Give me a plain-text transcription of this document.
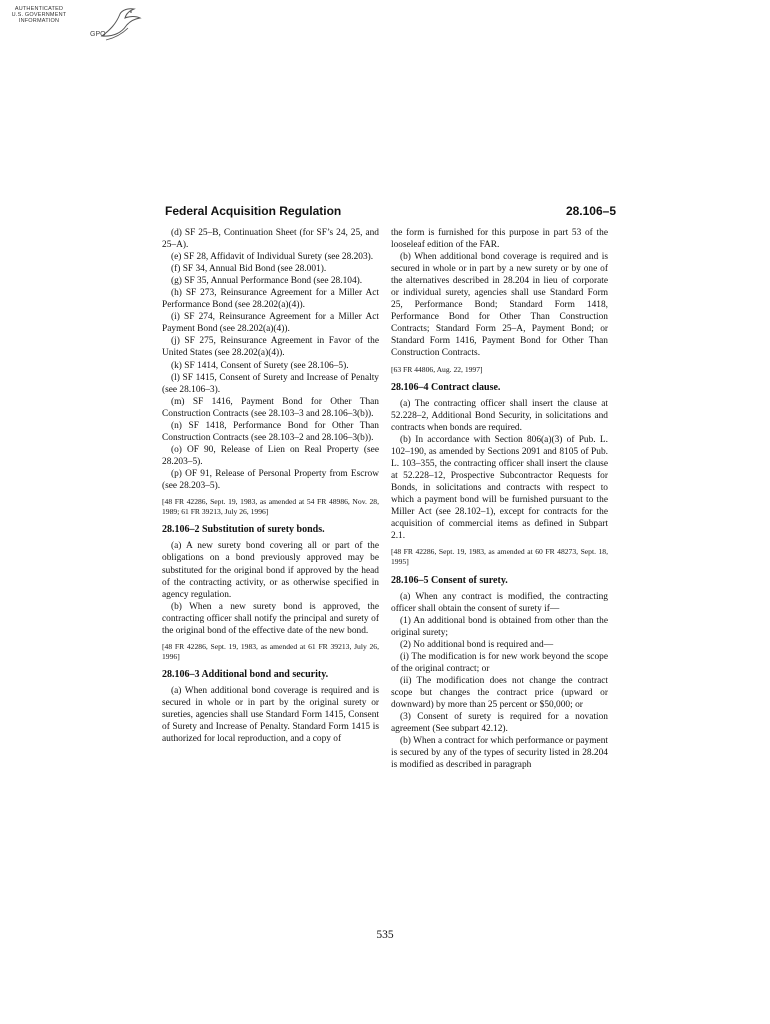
AUTHENTICATED
U.S. GOVERNMENT
INFORMATION
GPO
Federal Acquisition Regulation	28.106–5

(d) SF 25–B, Continuation Sheet (for SF’s 24, 25, and 25–A).

(e) SF 28, Affidavit of Individual Surety (see 28.203).

(f) SF 34, Annual Bid Bond (see 28.001).

(g) SF 35, Annual Performance Bond (see 28.104).

(h) SF 273, Reinsurance Agreement for a Miller Act Performance Bond (see 28.202(a)(4)).

(i) SF 274, Reinsurance Agreement for a Miller Act Payment Bond (see 28.202(a)(4)).

(j) SF 275, Reinsurance Agreement in Favor of the United States (see 28.202(a)(4)).

(k) SF 1414, Consent of Surety (see 28.106–5).

(l) SF 1415, Consent of Surety and Increase of Penalty (see 28.106–3).

(m) SF 1416, Payment Bond for Other Than Construction Contracts (see 28.103–3 and 28.106–3(b)).

(n) SF 1418, Performance Bond for Other Than Construction Contracts (see 28.103–2 and 28.106–3(b)).

(o) OF 90, Release of Lien on Real Property (see 28.203–5).

(p) OF 91, Release of Personal Property from Escrow (see 28.203–5).

[48 FR 42286, Sept. 19, 1983, as amended at 54 FR 48986, Nov. 28, 1989; 61 FR 39213, July 26, 1996]

28.106–2 Substitution of surety bonds.

(a) A new surety bond covering all or part of the obligations on a bond previously approved may be substituted for the original bond if approved by the head of the contracting activity, or as otherwise specified in agency regulation.

(b) When a new surety bond is approved, the contracting officer shall notify the principal and surety of the original bond of the effective date of the new bond.

[48 FR 42286, Sept. 19, 1983, as amended at 61 FR 39213, July 26, 1996]

28.106–3 Additional bond and security.

(a) When additional bond coverage is required and is secured in whole or in part by the original surety or sureties, agencies shall use Standard Form 1415, Consent of Surety and Increase of Penalty. Standard Form 1415 is authorized for local reproduction, and a copy of

the form is furnished for this purpose in part 53 of the looseleaf edition of the FAR.

(b) When additional bond coverage is required and is secured in whole or in part by a new surety or by one of the alternatives described in 28.204 in lieu of corporate or individual surety, agencies shall use Standard Form 25, Performance Bond; Standard Form 1418, Performance Bond for Other Than Construction Contracts; Standard Form 25–A, Payment Bond; or Standard Form 1416, Payment Bond for Other Than Construction Contracts.

[63 FR 44806, Aug. 22, 1997]

28.106–4 Contract clause.

(a) The contracting officer shall insert the clause at 52.228–2, Additional Bond Security, in solicitations and contracts when bonds are required.

(b) In accordance with Section 806(a)(3) of Pub. L. 102–190, as amended by Sections 2091 and 8105 of Pub. L. 103–355, the contracting officer shall insert the clause at 52.228–12, Prospective Subcontractor Requests for Bonds, in solicitations and contracts with respect to which a payment bond will be furnished pursuant to the Miller Act (see 28.102–1), except for contracts for the acquisition of commercial items as defined in Subpart 2.1.

[48 FR 42286, Sept. 19, 1983, as amended at 60 FR 48273, Sept. 18, 1995]

28.106–5 Consent of surety.

(a) When any contract is modified, the contracting officer shall obtain the consent of surety if—

(1) An additional bond is obtained from other than the original surety;

(2) No additional bond is required and—

(i) The modification is for new work beyond the scope of the original contract; or

(ii) The modification does not change the contract scope but changes the contract price (upward or downward) by more than 25 percent or $50,000; or

(3) Consent of surety is required for a novation agreement (See subpart 42.12).

(b) When a contract for which performance or payment is secured by any of the types of security listed in 28.204 is modified as described in paragraph

535
